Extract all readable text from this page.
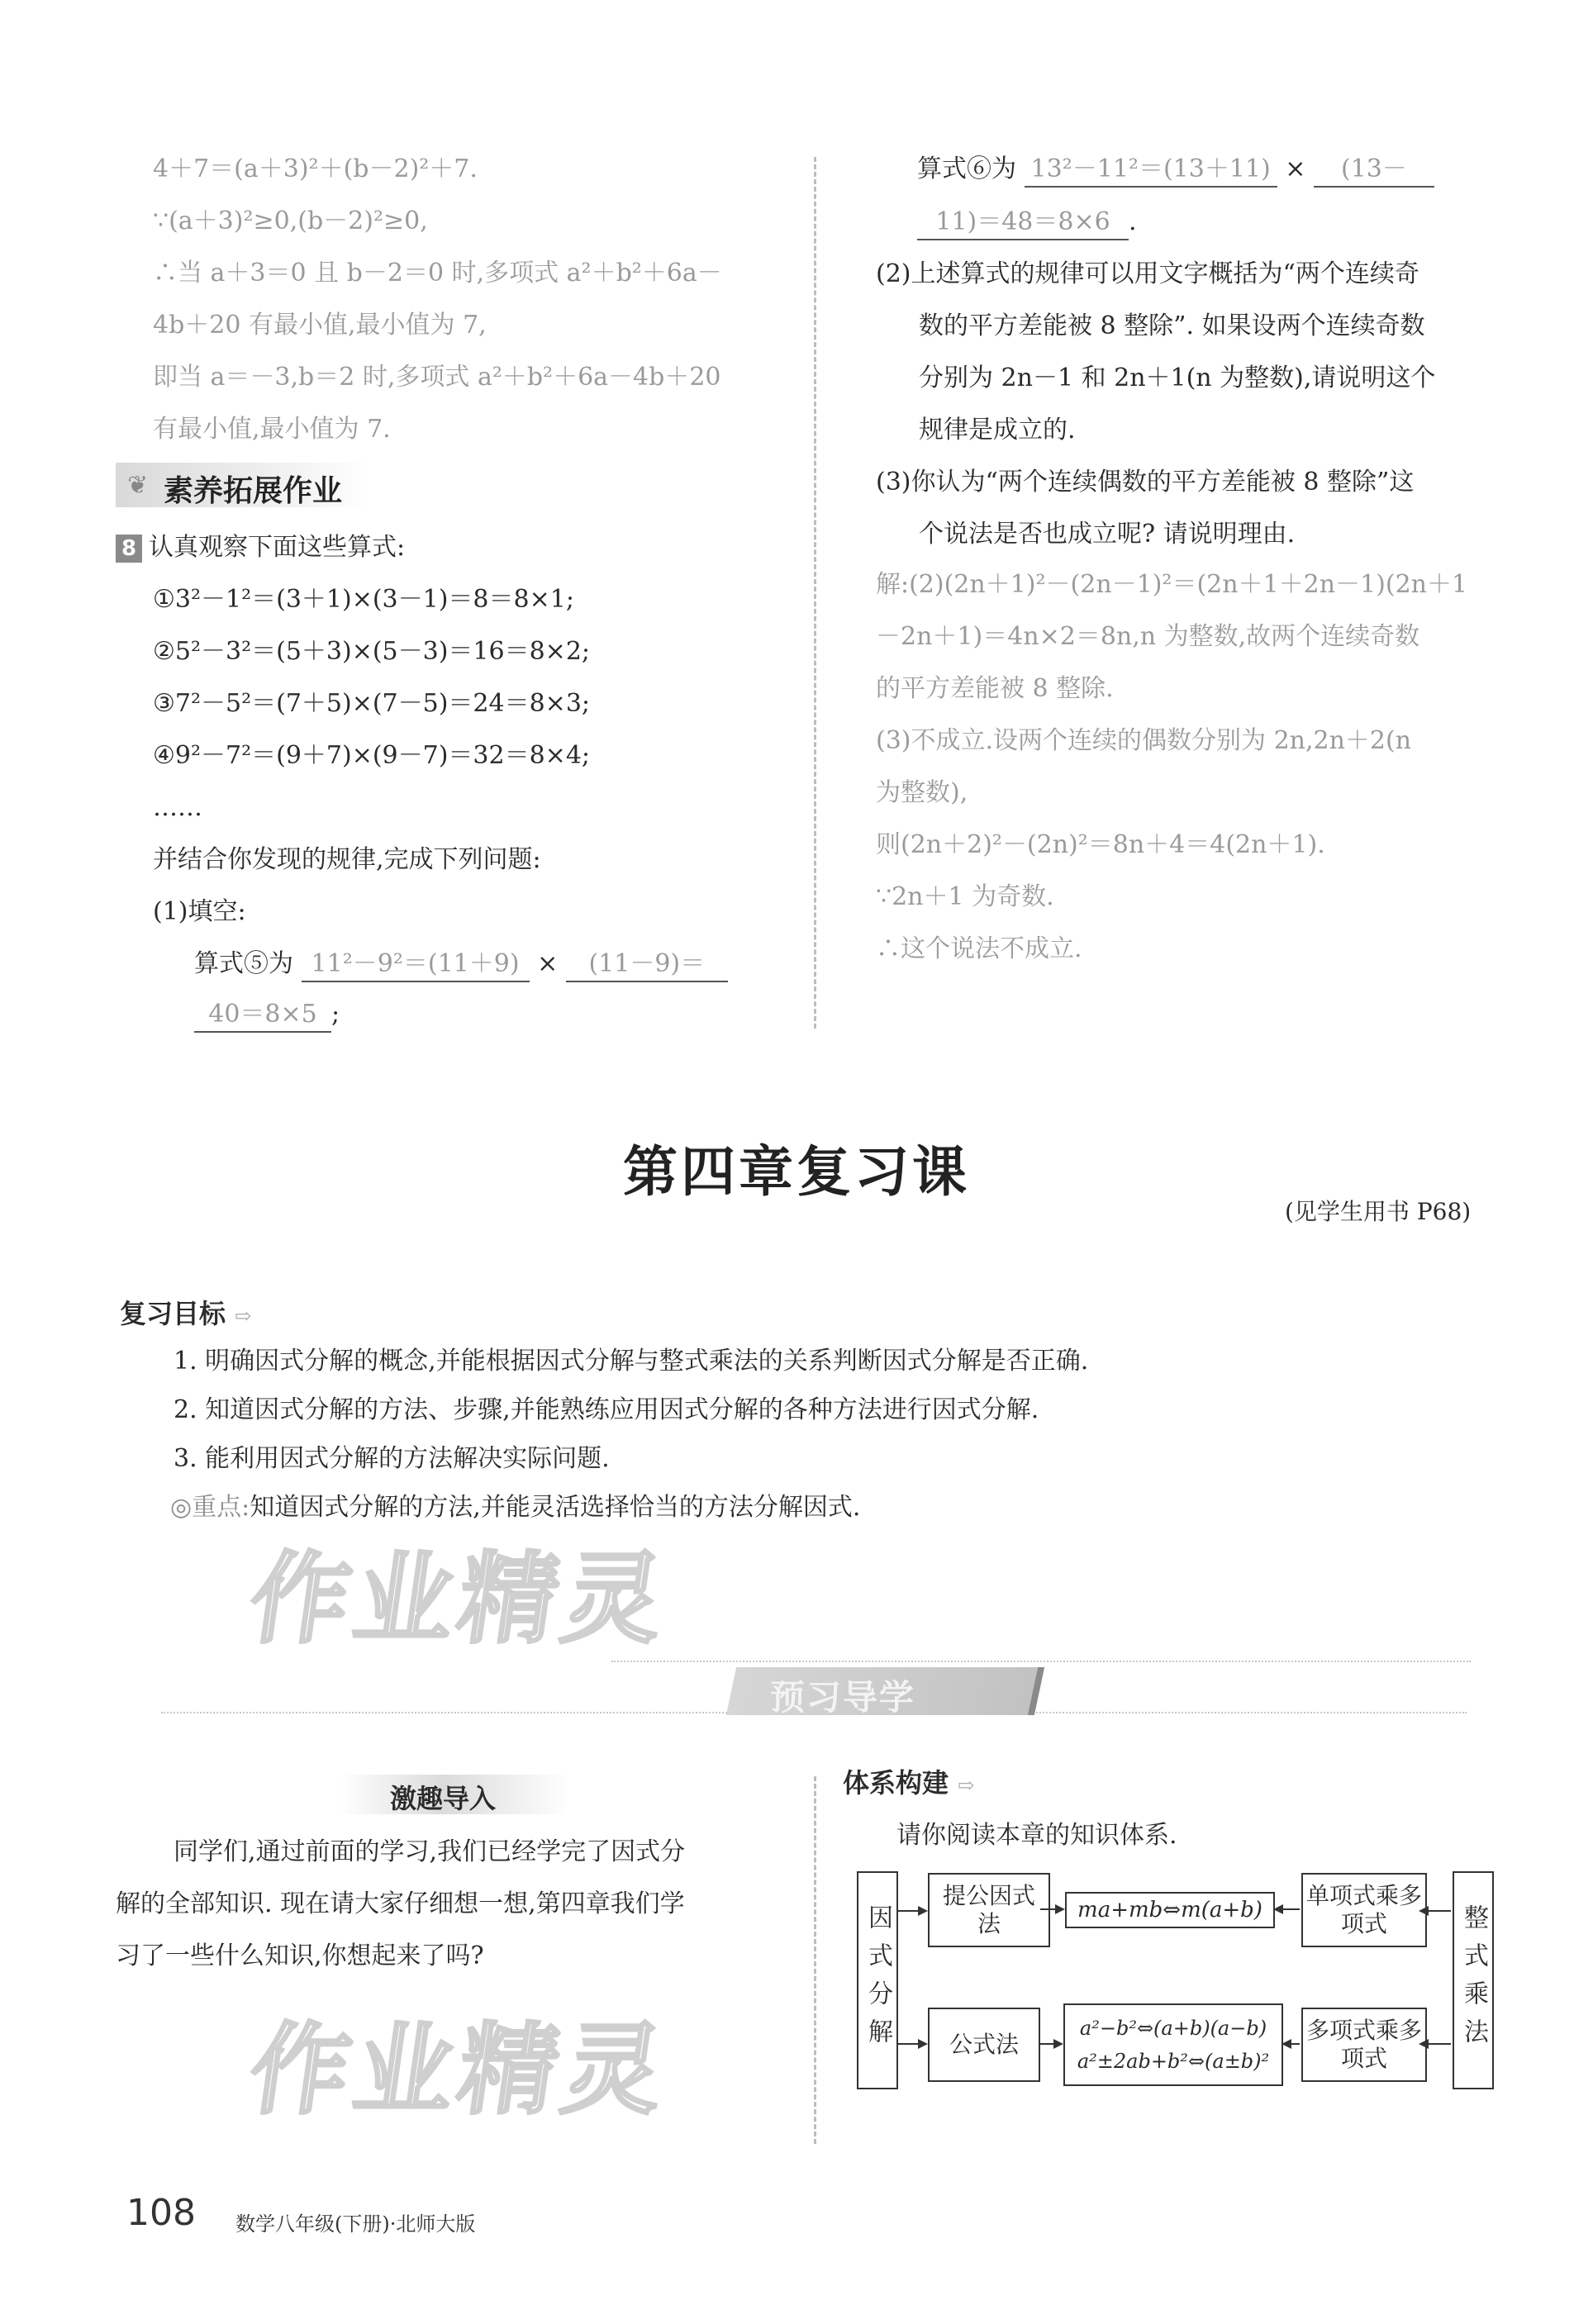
4＋7＝(a＋3)²＋(b－2)²＋7.
∵(a＋3)²≥0,(b－2)²≥0,
∴当 a＋3＝0 且 b－2＝0 时,多项式 a²＋b²＋6a－
4b＋20 有最小值,最小值为 7,
即当 a＝－3,b＝2 时,多项式 a²＋b²＋6a－4b＋20
有最小值,最小值为 7.
❦ 素养拓展作业
8 认真观察下面这些算式:
①3²－1²＝(3＋1)×(3－1)＝8＝8×1;
②5²－3²＝(5＋3)×(5－3)＝16＝8×2;
③7²－5²＝(7＋5)×(7－5)＝24＝8×3;
④9²－7²＝(9＋7)×(9－7)＝32＝8×4;
……
并结合你发现的规律,完成下列问题:
(1)填空:
算式⑤为 11²－9²＝(11＋9) × (11－9)＝
40＝8×5 ;
算式⑥为 13²－11²＝(13＋11) × (13－
11)＝48＝8×6 .
(2)上述算式的规律可以用文字概括为“两个连续奇
数的平方差能被 8 整除”. 如果设两个连续奇数
分别为 2n－1 和 2n＋1(n 为整数),请说明这个
规律是成立的.
(3)你认为“两个连续偶数的平方差能被 8 整除”这
个说法是否也成立呢? 请说明理由.
解:(2)(2n＋1)²－(2n－1)²＝(2n＋1＋2n－1)(2n＋1
－2n＋1)＝4n×2＝8n,n 为整数,故两个连续奇数
的平方差能被 8 整除.
(3)不成立.设两个连续的偶数分别为 2n,2n＋2(n
为整数),
则(2n＋2)²－(2n)²＝8n＋4＝4(2n＋1).
∵2n＋1 为奇数.
∴这个说法不成立.
第四章复习课
(见学生用书 P68)
复习目标 ⇨
1. 明确因式分解的概念,并能根据因式分解与整式乘法的关系判断因式分解是否正确.
2. 知道因式分解的方法、步骤,并能熟练应用因式分解的各种方法进行因式分解.
3. 能利用因式分解的方法解决实际问题.
◎重点:知道因式分解的方法,并能灵活选择恰当的方法分解因式.
作业精灵
作业精灵
预习导学
激趣导入
同学们,通过前面的学习,我们已经学完了因式分
解的全部知识. 现在请大家仔细想一想,第四章我们学
习了一些什么知识,你想起来了吗?
体系构建 ⇨
请你阅读本章的知识体系.
因式分解	整式乘法
提公因式法
公式法
ma+mb⇔m(a+b)
a²−b²⇔(a+b)(a−b)
a²±2ab+b²⇔(a±b)²
单项式乘多项式
多项式乘多项式
108 数学八年级(下册)·北师大版
